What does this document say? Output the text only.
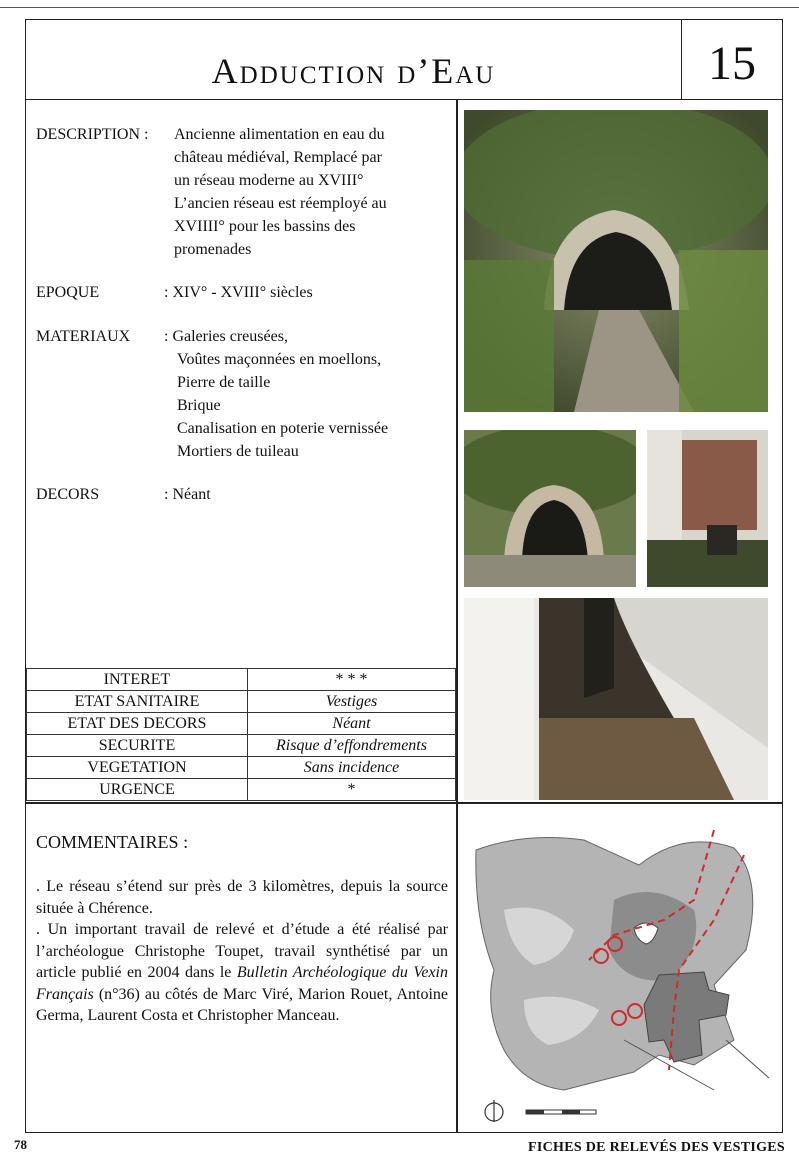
Adduction d’Eau	15
DESCRIPTION : Ancienne alimentation en eau du
château médiéval, Remplacé par
un réseau moderne au XVIII°
L’ancien réseau est réemployé au
XVIIII° pour les bassins des
promenades
EPOQUE	: XIV° - XVIII° siècles
MATERIAUX : Galeries creusées,
Voûtes maçonnées en moellons,
Pierre de taille
Brique
Canalisation en poterie vernissée
Mortiers de tuileau
DECORS	: Néant
INTERET	* * *
ETAT SANITAIRE	Vestiges
ETAT DES DECORS	Néant
SECURITE	Risque d’effondrements
VEGETATION	Sans incidence
URGENCE	*
COMMENTAIRES :

. Le réseau s’étend sur près de 3 kilomètres, depuis la source située à Chérence.

. Un important travail de relevé et d’étude a été réalisé par l’archéologue Christophe Toupet, travail synthétisé par un article publié en 2004 dans le Bulletin Archéologique du Vexin Français (n°36) au côtés de Marc Viré, Marion Rouet, Antoine Germa, Laurent Costa et Christopher Manceau.

78	FICHES DE RELEVÉS DES VESTIGES
